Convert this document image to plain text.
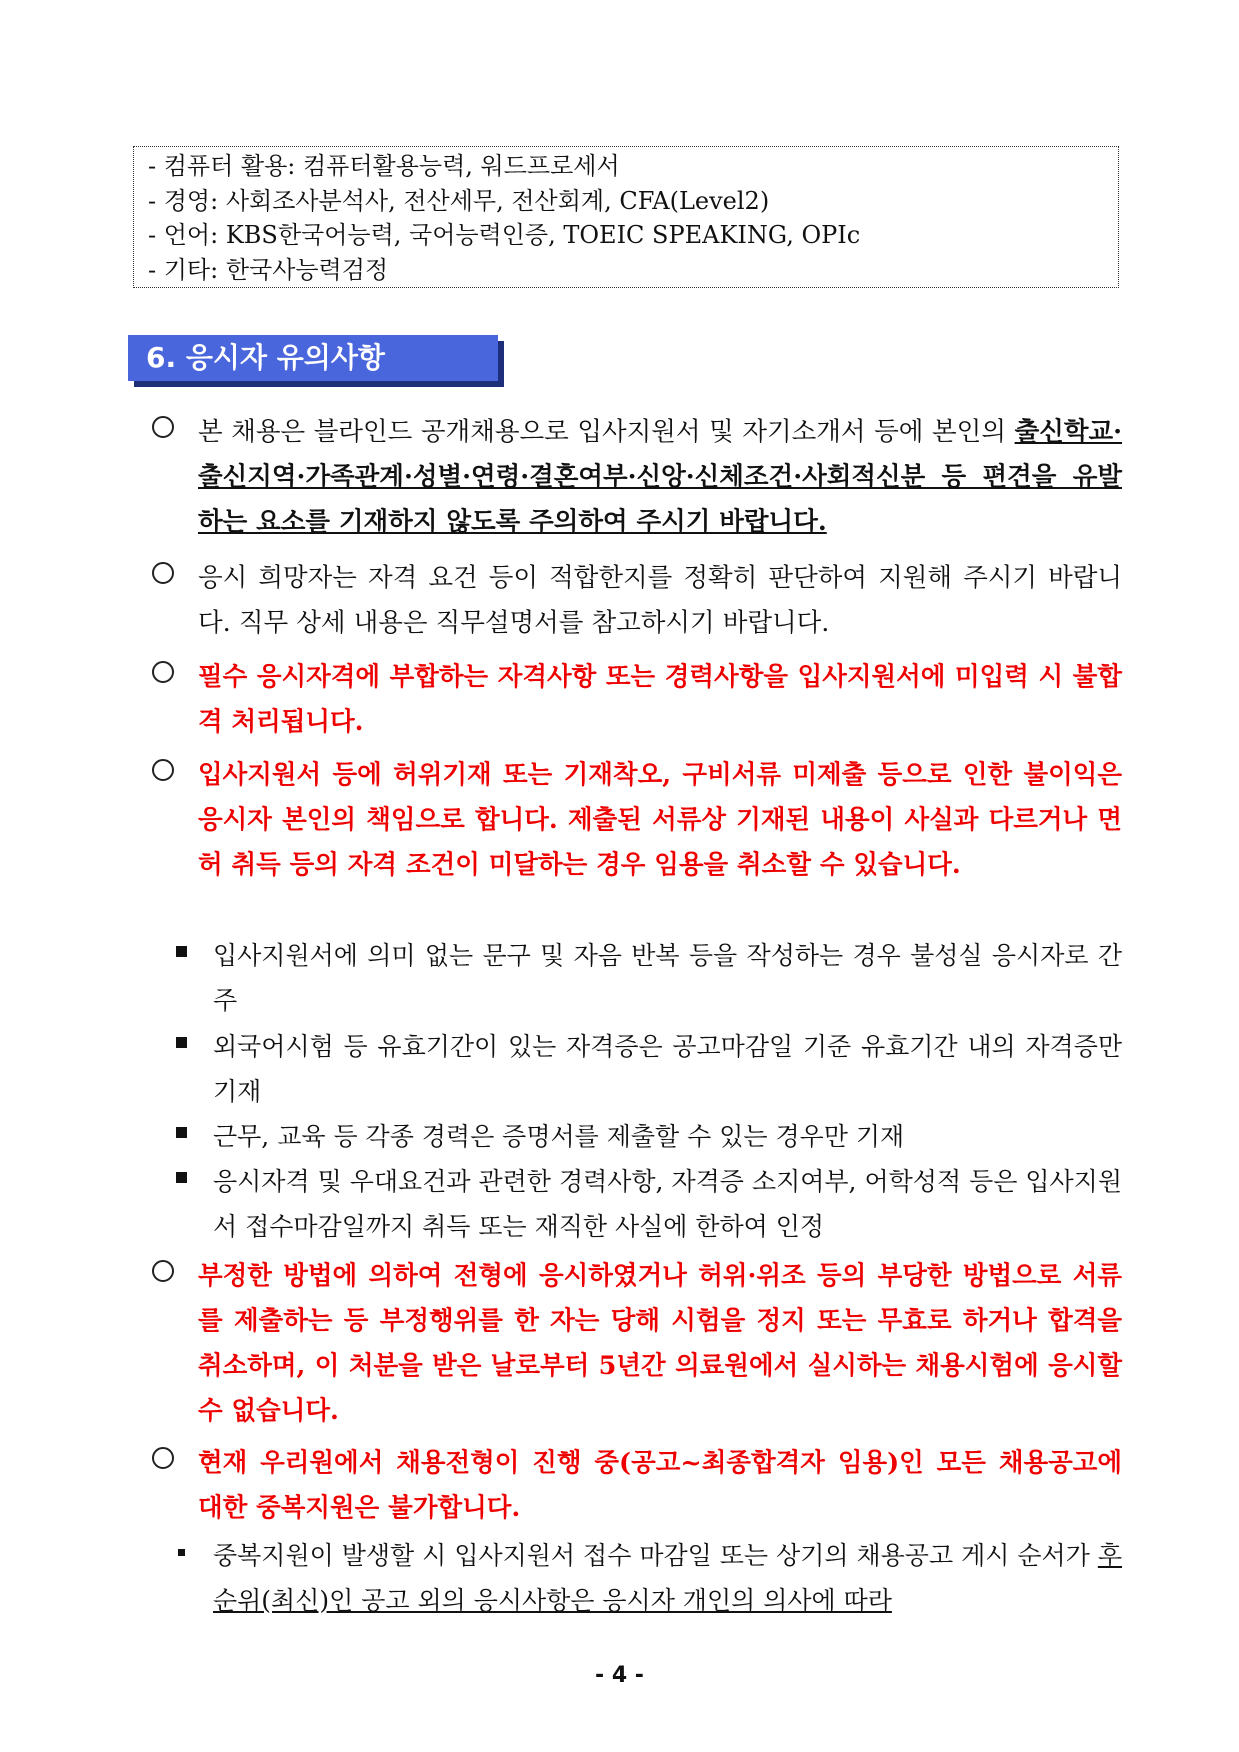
- 컴퓨터 활용: 컴퓨터활용능력, 워드프로세서
- 경영: 사회조사분석사, 전산세무, 전산회계, CFA(Level2)
- 언어: KBS한국어능력, 국어능력인증, TOEIC SPEAKING, OPIc
- 기타: 한국사능력검정
6. 응시자 유의사항
본 채용은 블라인드 공개채용으로 입사지원서 및 자기소개서 등에 본인의 출신학교·출신지역·가족관계·성별·연령·결혼여부·신앙·신체조건·사회적신분 등 편견을 유발하는 요소를 기재하지 않도록 주의하여 주시기 바랍니다.
응시 희망자는 자격 요건 등이 적합한지를 정확히 판단하여 지원해 주시기 바랍니다. 직무 상세 내용은 직무설명서를 참고하시기 바랍니다.
필수 응시자격에 부합하는 자격사항 또는 경력사항을 입사지원서에 미입력 시 불합격 처리됩니다.
입사지원서 등에 허위기재 또는 기재착오, 구비서류 미제출 등으로 인한 불이익은 응시자 본인의 책임으로 합니다. 제출된 서류상 기재된 내용이 사실과 다르거나 면허 취득 등의 자격 조건이 미달하는 경우 임용을 취소할 수 있습니다.
입사지원서에 의미 없는 문구 및 자음 반복 등을 작성하는 경우 불성실 응시자로 간주
외국어시험 등 유효기간이 있는 자격증은 공고마감일 기준 유효기간 내의 자격증만 기재
근무, 교육 등 각종 경력은 증명서를 제출할 수 있는 경우만 기재
응시자격 및 우대요건과 관련한 경력사항, 자격증 소지여부, 어학성적 등은 입사지원서 접수마감일까지 취득 또는 재직한 사실에 한하여 인정
부정한 방법에 의하여 전형에 응시하였거나 허위·위조 등의 부당한 방법으로 서류를 제출하는 등 부정행위를 한 자는 당해 시험을 정지 또는 무효로 하거나 합격을 취소하며, 이 처분을 받은 날로부터 5년간 의료원에서 실시하는 채용시험에 응시할 수 없습니다.
현재 우리원에서 채용전형이 진행 중(공고~최종합격자 임용)인 모든 채용공고에 대한 중복지원은 불가합니다.
중복지원이 발생할 시 입사지원서 접수 마감일 또는 상기의 채용공고 게시 순서가 후순위(최신)인 공고 외의 응시사항은 응시자 개인의 의사에 따라
- 4 -
